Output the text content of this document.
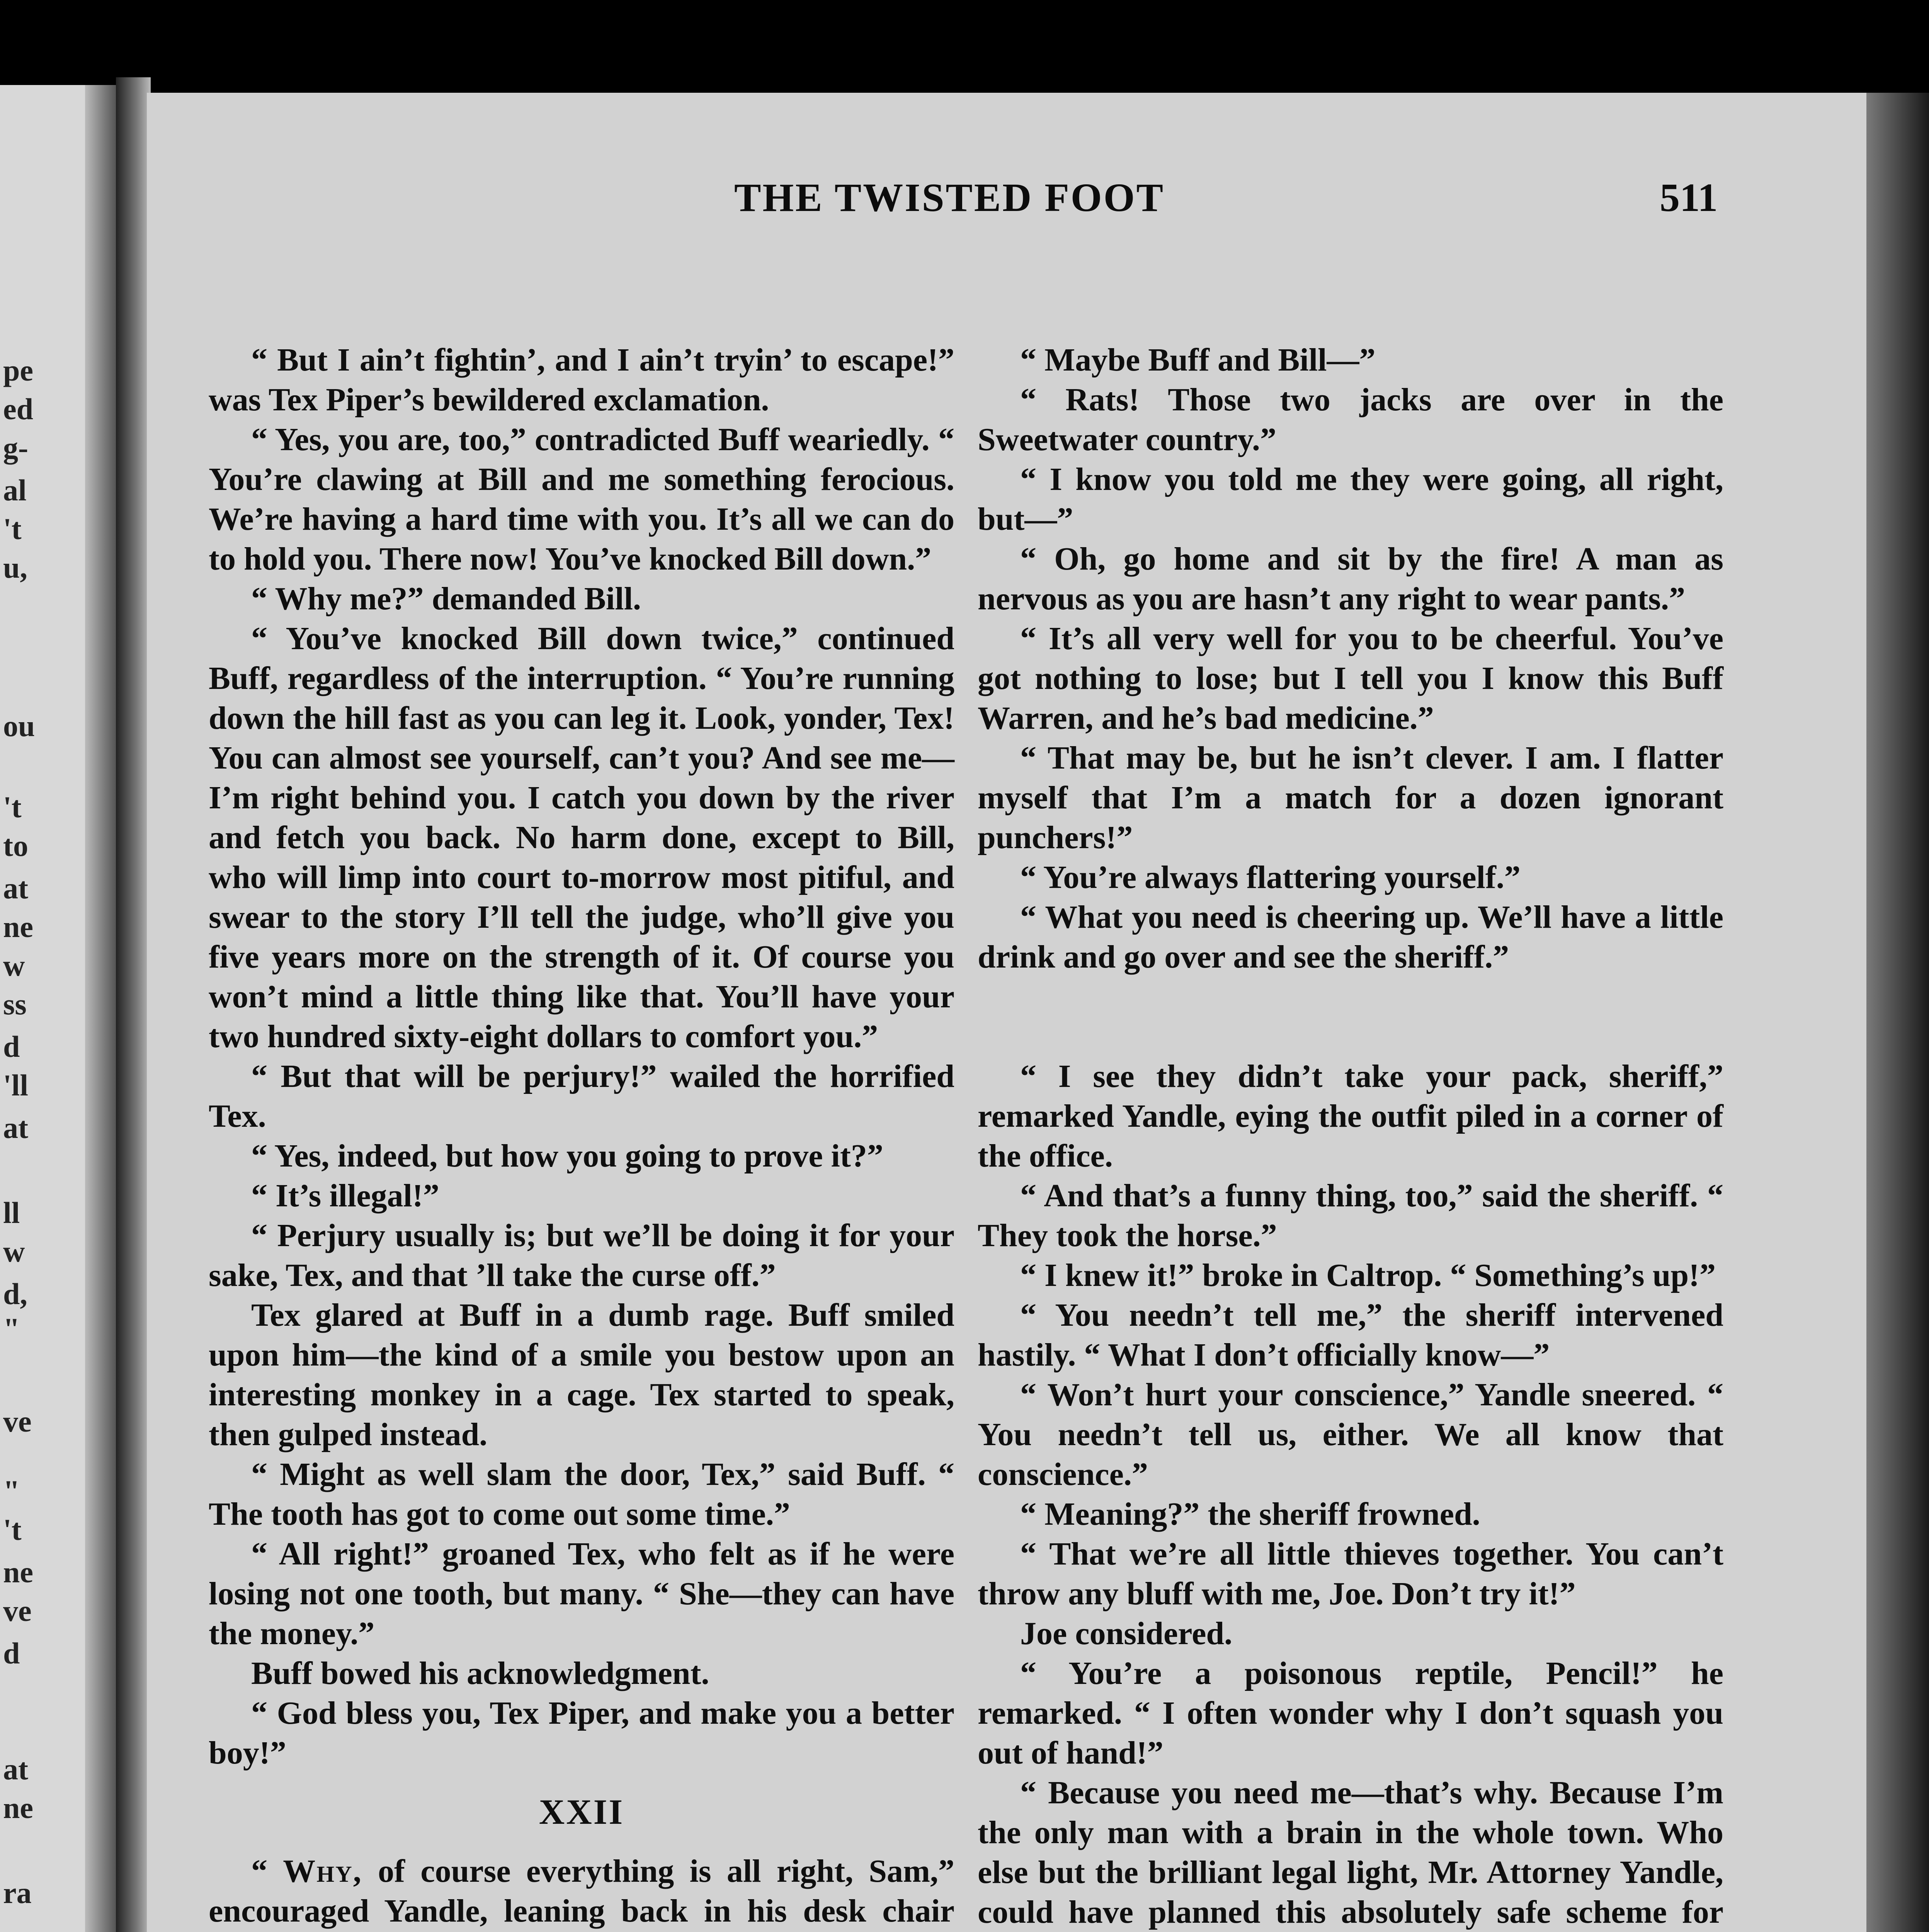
pe
ed
g-
al
't
u,
ou
't
to
at
ne
w
ss
d
'll
at
ll
w
d,
"
ve
"
't
ne
ve
d
at
ne
ra
THE TWISTED FOOT	511

“ But I ain’t fightin’, and I ain’t tryin’ to escape!” was Tex Piper’s bewildered exclamation.

“ Yes, you are, too,” contradicted Buff weariedly. “ You’re clawing at Bill and me something ferocious. We’re having a hard time with you. It’s all we can do to hold you. There now! You’ve knocked Bill down.”

“ Why me?” demanded Bill.

“ You’ve knocked Bill down twice,” continued Buff, regardless of the interruption. “ You’re running down the hill fast as you can leg it. Look, yonder, Tex! You can almost see yourself, can’t you? And see me—I’m right behind you. I catch you down by the river and fetch you back. No harm done, except to Bill, who will limp into court to-morrow most pitiful, and swear to the story I’ll tell the judge, who’ll give you five years more on the strength of it. Of course you won’t mind a little thing like that. You’ll have your two hundred sixty-eight dollars to comfort you.”

“ But that will be perjury!” wailed the horrified Tex.

“ Yes, indeed, but how you going to prove it?”

“ It’s illegal!”

“ Perjury usually is; but we’ll be doing it for your sake, Tex, and that ’ll take the curse off.”

Tex glared at Buff in a dumb rage. Buff smiled upon him—the kind of a smile you bestow upon an interesting monkey in a cage. Tex started to speak, then gulped instead.

“ Might as well slam the door, Tex,” said Buff. “ The tooth has got to come out some time.”

“ All right!” groaned Tex, who felt as if he were losing not one tooth, but many. “ She—they can have the money.”

Buff bowed his acknowledgment.

“ God bless you, Tex Piper, and make you a better boy!”

XXII

“ Why, of course everything is all right, Sam,” encouraged Yandle, leaning back in his desk chair

“ Maybe Buff and Bill—”

“ Rats! Those two jacks are over in the Sweetwater country.”

“ I know you told me they were going, all right, but—”

“ Oh, go home and sit by the fire! A man as nervous as you are hasn’t any right to wear pants.”

“ It’s all very well for you to be cheerful. You’ve got nothing to lose; but I tell you I know this Buff Warren, and he’s bad medicine.”

“ That may be, but he isn’t clever. I am. I flatter myself that I’m a match for a dozen ignorant punchers!”

“ You’re always flattering yourself.”

“ What you need is cheering up. We’ll have a little drink and go over and see the sheriff.”

“ I see they didn’t take your pack, sheriff,” remarked Yandle, eying the outfit piled in a corner of the office.

“ And that’s a funny thing, too,” said the sheriff. “ They took the horse.”

“ I knew it!” broke in Caltrop. “ Something’s up!”

“ You needn’t tell me,” the sheriff intervened hastily. “ What I don’t officially know—”

“ Won’t hurt your conscience,” Yandle sneered. “ You needn’t tell us, either. We all know that conscience.”

“ Meaning?” the sheriff frowned.

“ That we’re all little thieves together. You can’t throw any bluff with me, Joe. Don’t try it!”

Joe considered.

“ You’re a poisonous reptile, Pencil!” he remarked. “ I often wonder why I don’t squash you out of hand!”

“ Because you need me—that’s why. Because I’m the only man with a brain in the whole town. Who else but the brilliant legal light, Mr. Attorney Yandle, could have planned this absolutely safe scheme for
